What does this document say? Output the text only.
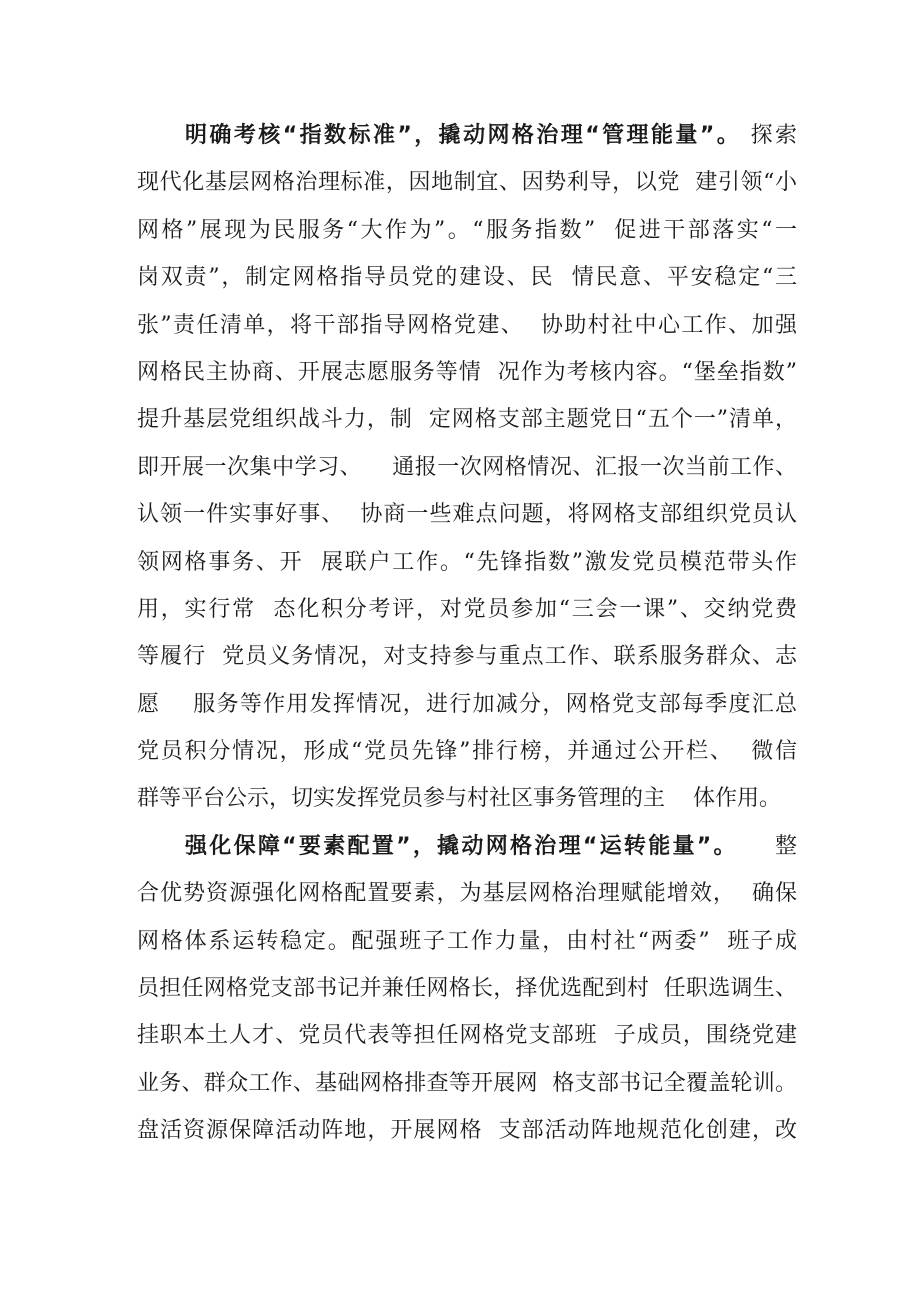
明确考核“指数标准”，撬动网格治理“管理能量”。 探索
现代化基层网格治理标准，因地制宜、因势利导，以党  建引领“小
网格”展现为民服务“大作为”。“服务指数”  促进干部落实“一
岗双责”，制定网格指导员党的建设、民  情民意、平安稳定“三
张”责任清单，将干部指导网格党建、  协助村社中心工作、加强
网格民主协商、开展志愿服务等情  况作为考核内容。“堡垒指数”
提升基层党组织战斗力，制  定网格支部主题党日“五个一”清单，
即开展一次集中学习、    通报一次网格情况、汇报一次当前工作、
认领一件实事好事、  协商一些难点问题，将网格支部组织党员认
领网格事务、开  展联户工作。“先锋指数”激发党员模范带头作
用，实行常  态化积分考评，对党员参加“三会一课”、交纳党费
等履行  党员义务情况，对支持参与重点工作、联系服务群众、志
愿    服务等作用发挥情况，进行加减分，网格党支部每季度汇总
党员积分情况，形成“党员先锋”排行榜，并通过公开栏、  微信
群等平台公示，切实发挥党员参与村社区事务管理的主    体作用。
强化保障“要素配置”，撬动网格治理“运转能量”。    整
合优势资源强化网格配置要素，为基层网格治理赋能增效，  确保
网格体系运转稳定。配强班子工作力量，由村社“两委”  班子成
员担任网格党支部书记并兼任网格长，择优选配到村  任职选调生、
挂职本土人才、党员代表等担任网格党支部班  子成员，围绕党建
业务、群众工作、基础网格排查等开展网  格支部书记全覆盖轮训。
盘活资源保障活动阵地，开展网格  支部活动阵地规范化创建，改
